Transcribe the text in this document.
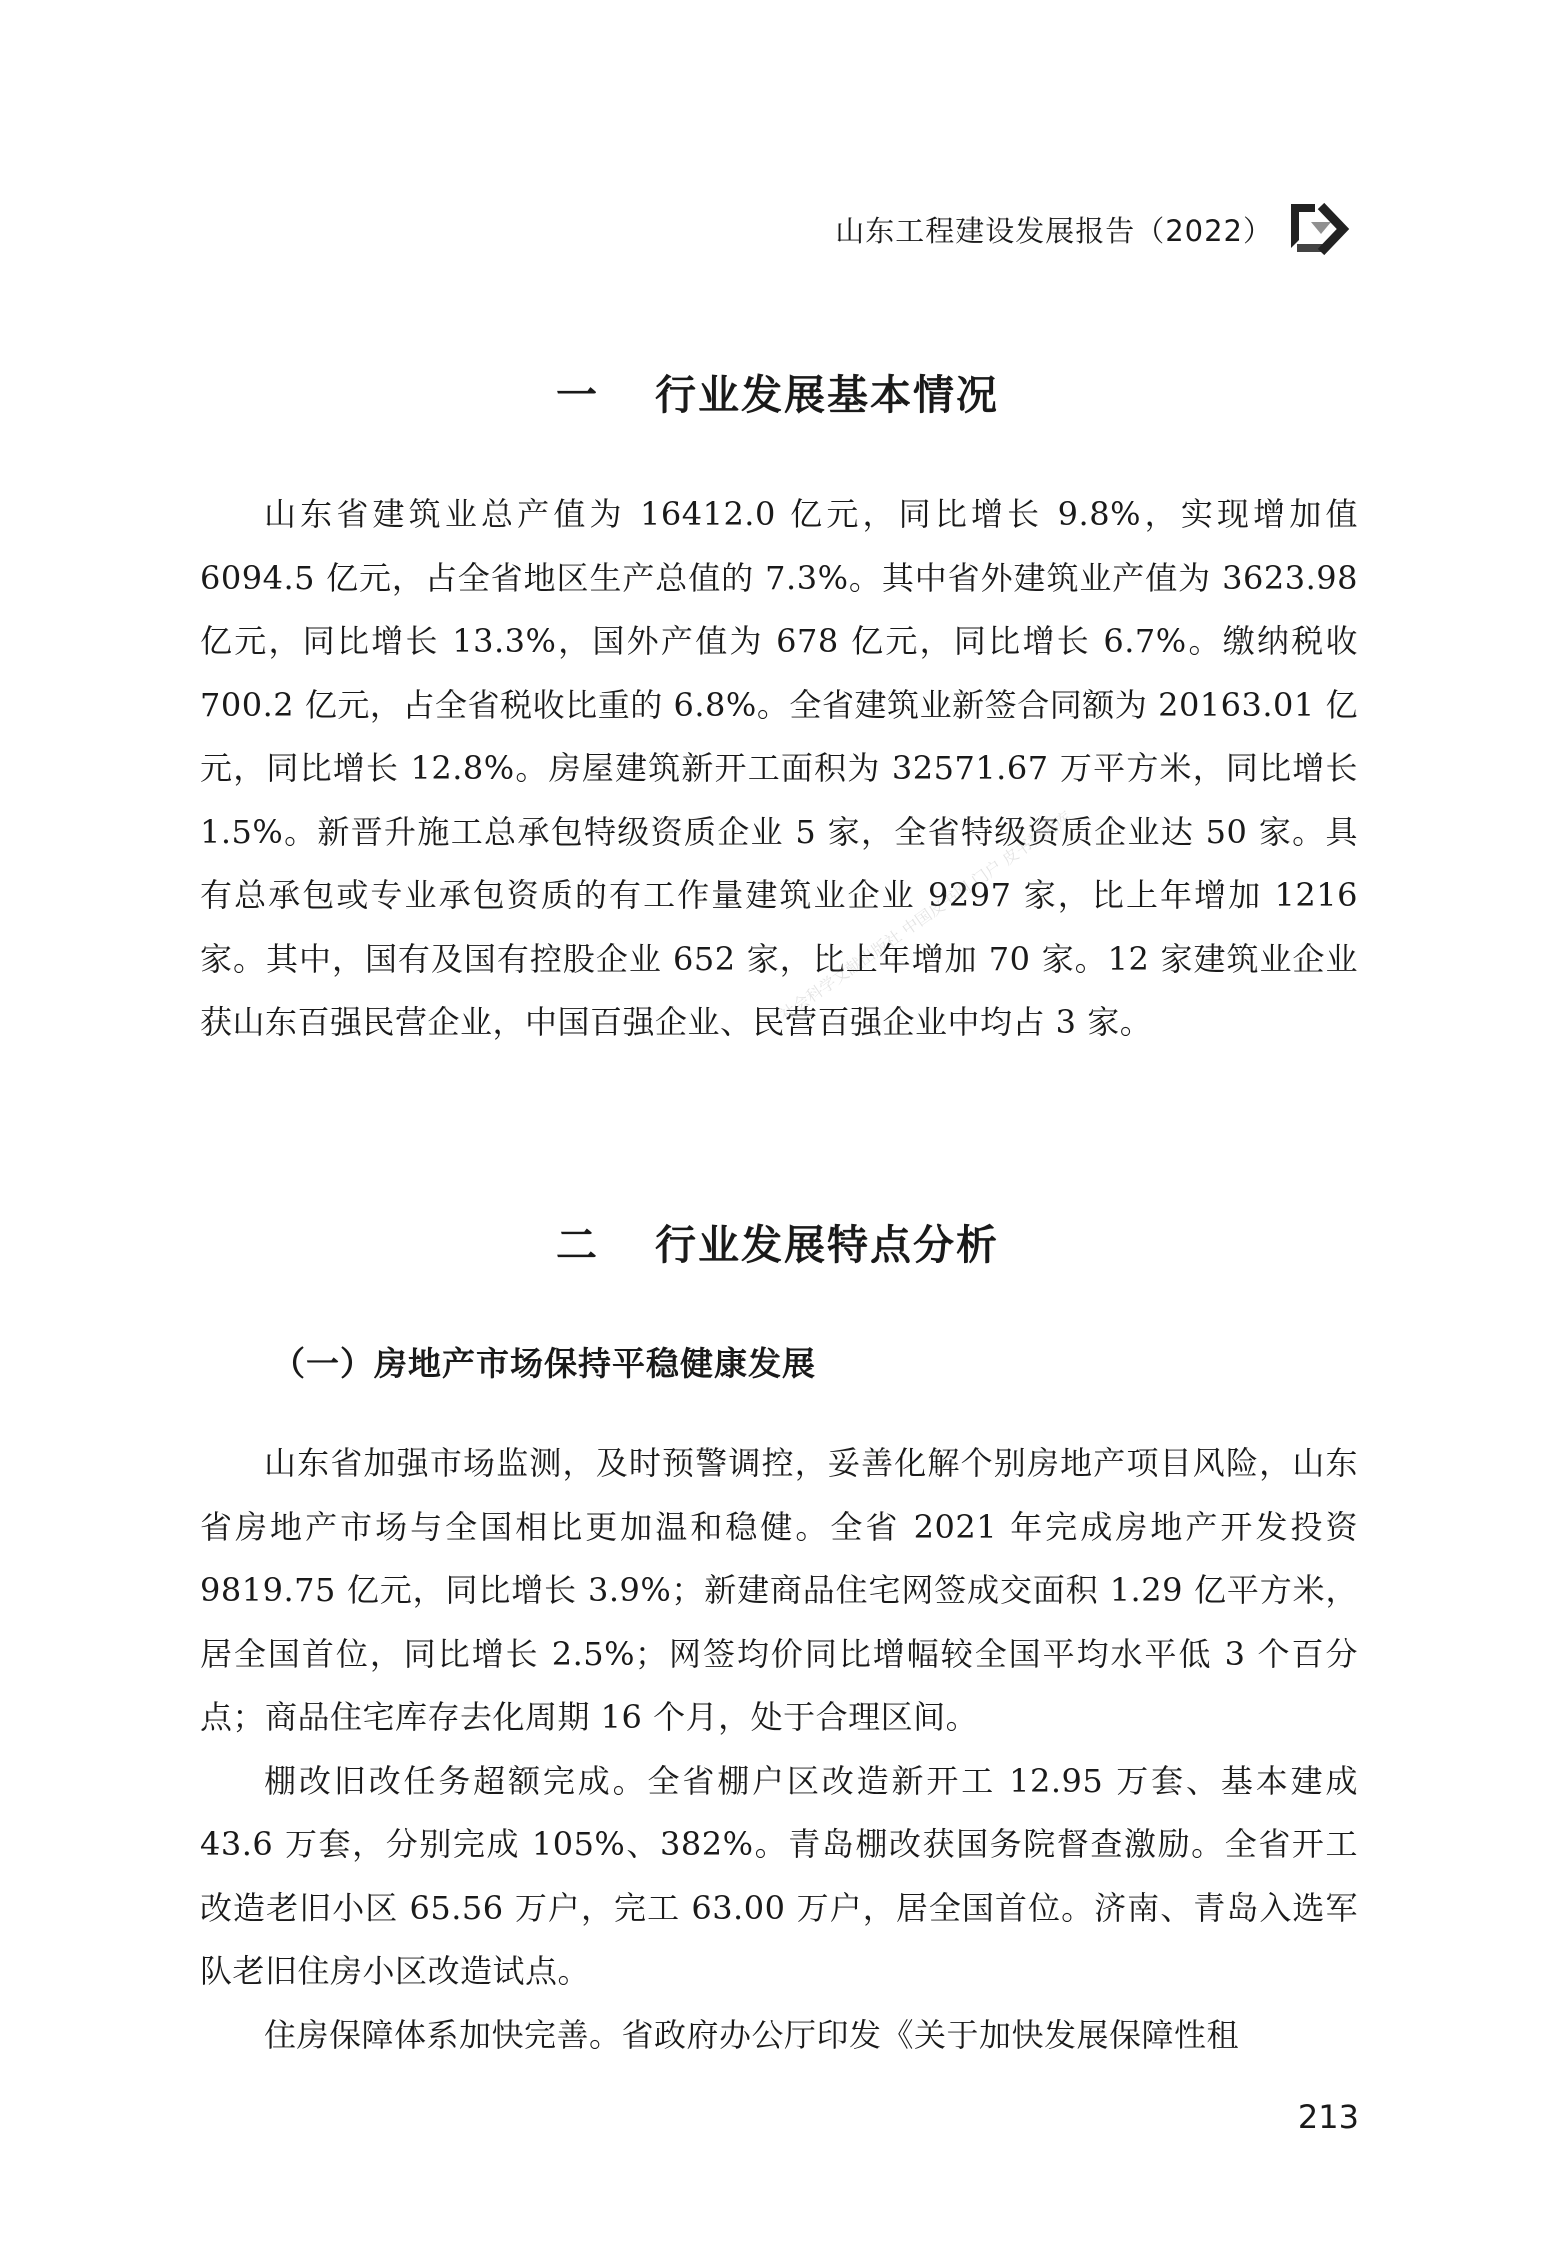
山东工程建设发展报告（2022）
一 行业发展基本情况

山东省建筑业总产值为 16412.0 亿元，同比增长 9.8%，实现增加值 6094.5 亿元，占全省地区生产总值的 7.3%。其中省外建筑业产值为 3623.98 亿元，同比增长 13.3%，国外产值为 678 亿元，同比增长 6.7%。缴纳税收 700.2 亿元，占全省税收比重的 6.8%。全省建筑业新签合同额为 20163.01 亿元，同比增长 12.8%。房屋建筑新开工面积为 32571.67 万平方米，同比增长 1.5%。新晋升施工总承包特级资质企业 5 家，全省特级资质企业达 50 家。具有总承包或专业承包资质的有工作量建筑业企业 9297 家，比上年增加 1216 家。其中，国有及国有控股企业 652 家，比上年增加 70 家。12 家建筑业企业获山东百强民营企业，中国百强企业、民营百强企业中均占 3 家。

社会科学文献出版社 中国皮书网 门户 皮书数据库
二 行业发展特点分析
（一）房地产市场保持平稳健康发展

山东省加强市场监测，及时预警调控，妥善化解个别房地产项目风险，山东省房地产市场与全国相比更加温和稳健。全省 2021 年完成房地产开发投资 9819.75 亿元，同比增长 3.9%；新建商品住宅网签成交面积 1.29 亿平方米，居全国首位，同比增长 2.5%；网签均价同比增幅较全国平均水平低 3 个百分点；商品住宅库存去化周期 16 个月，处于合理区间。

棚改旧改任务超额完成。全省棚户区改造新开工 12.95 万套、基本建成 43.6 万套，分别完成 105%、382%。青岛棚改获国务院督查激励。全省开工改造老旧小区 65.56 万户，完工 63.00 万户，居全国首位。济南、青岛入选军队老旧住房小区改造试点。

住房保障体系加快完善。省政府办公厅印发《关于加快发展保障性租

213
